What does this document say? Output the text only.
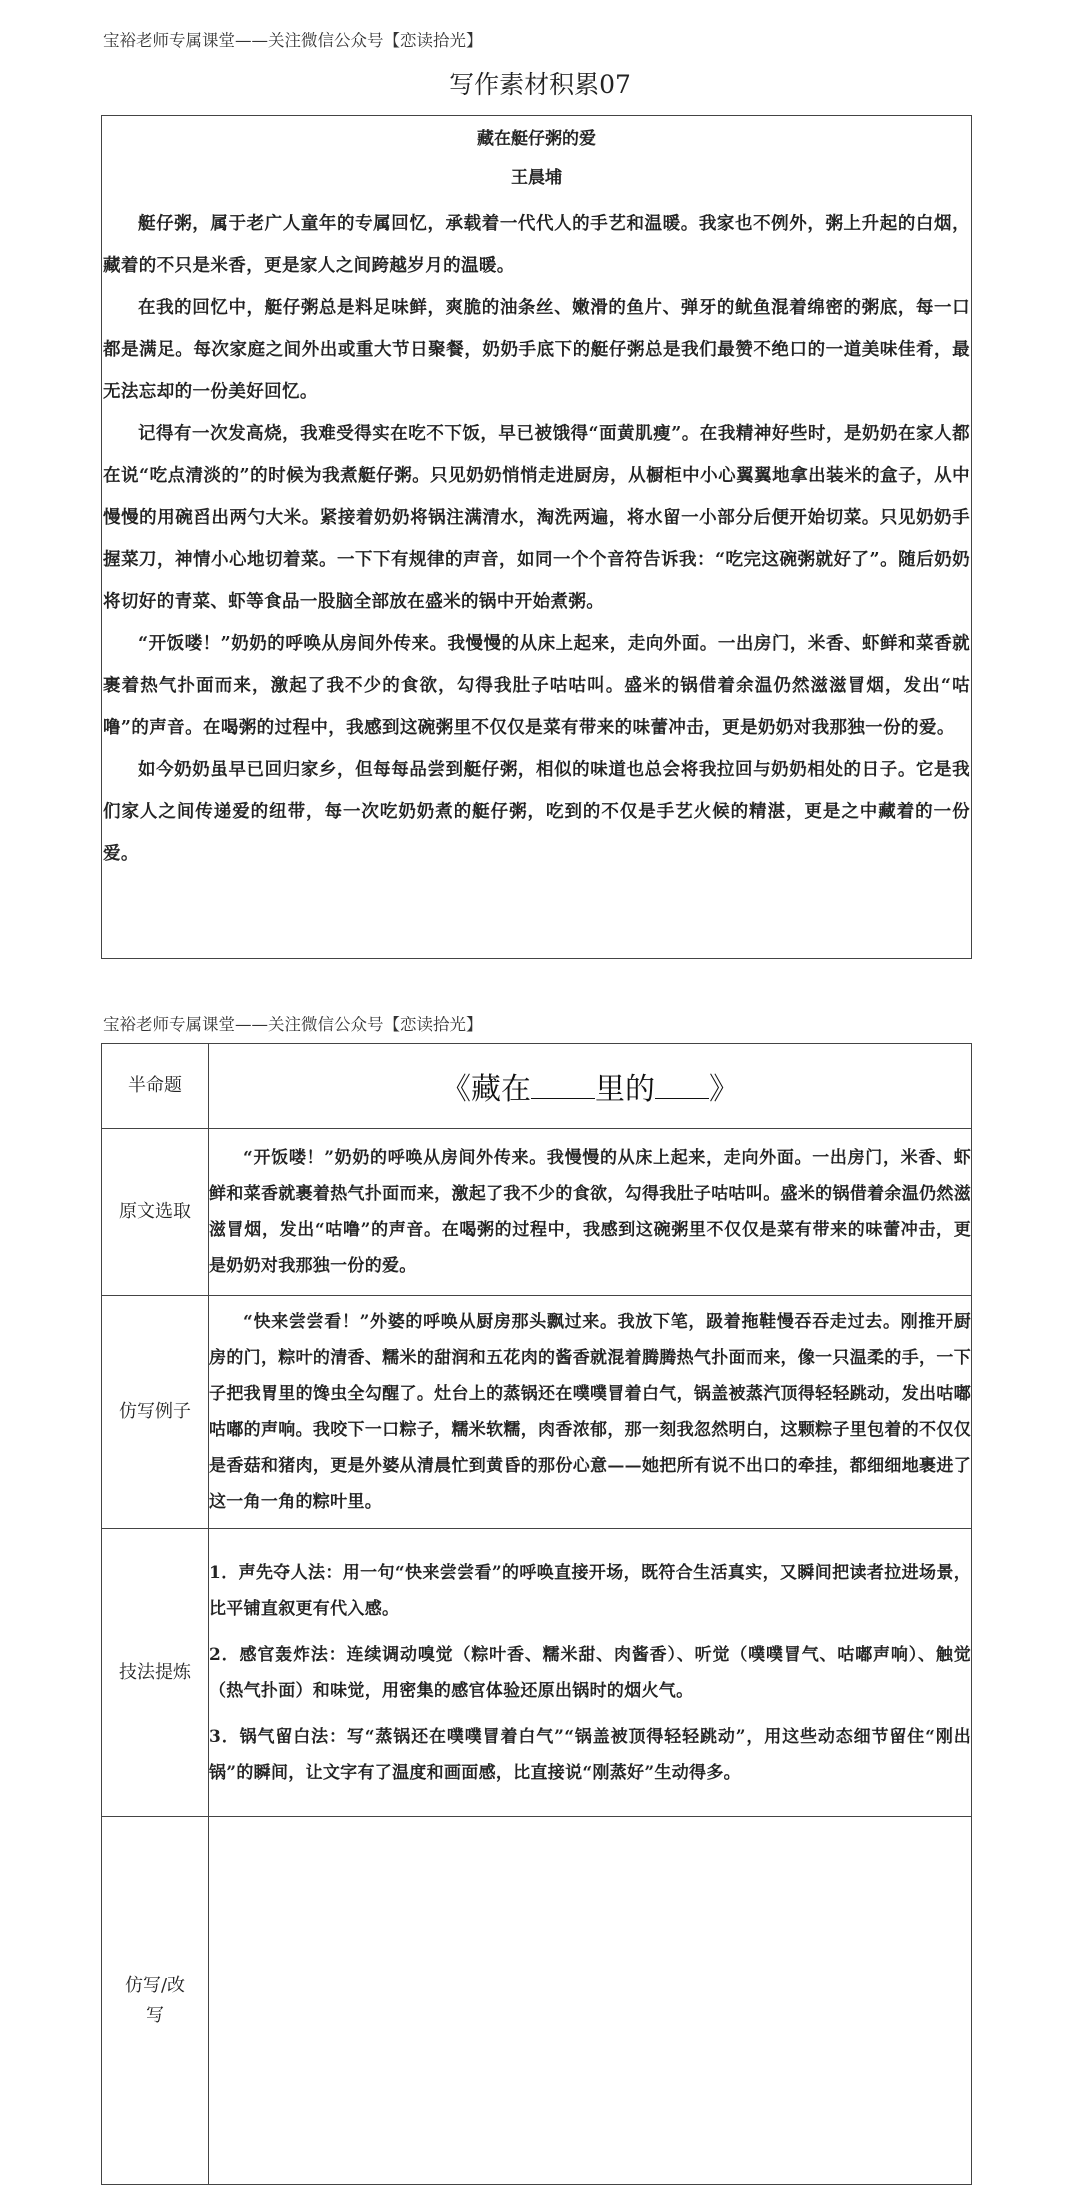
宝裕老师专属课堂——关注微信公众号【恋读拾光】
写作素材积累07
藏在艇仔粥的爱
王晨埔

艇仔粥，属于老广人童年的专属回忆，承载着一代代人的手艺和温暖。我家也不例外，粥上升起的白烟，藏着的不只是米香，更是家人之间跨越岁月的温暖。

在我的回忆中，艇仔粥总是料足味鲜，爽脆的油条丝、嫩滑的鱼片、弹牙的鱿鱼混着绵密的粥底，每一口都是满足。每次家庭之间外出或重大节日聚餐，奶奶手底下的艇仔粥总是我们最赞不绝口的一道美味佳肴，最无法忘却的一份美好回忆。

记得有一次发高烧，我难受得实在吃不下饭，早已被饿得“面黄肌瘦”。在我精神好些时，是奶奶在家人都在说“吃点清淡的”的时候为我煮艇仔粥。只见奶奶悄悄走进厨房，从橱柜中小心翼翼地拿出装米的盒子，从中慢慢的用碗舀出两勺大米。紧接着奶奶将锅注满清水，淘洗两遍，将水留一小部分后便开始切菜。只见奶奶手握菜刀，神情小心地切着菜。一下下有规律的声音，如同一个个音符告诉我：“吃完这碗粥就好了”。随后奶奶将切好的青菜、虾等食品一股脑全部放在盛米的锅中开始煮粥。

“开饭喽！”奶奶的呼唤从房间外传来。我慢慢的从床上起来，走向外面。一出房门，米香、虾鲜和菜香就裹着热气扑面而来，激起了我不少的食欲，勾得我肚子咕咕叫。盛米的锅借着余温仍然滋滋冒烟，发出“咕噜”的声音。在喝粥的过程中，我感到这碗粥里不仅仅是菜有带来的味蕾冲击，更是奶奶对我那独一份的爱。

如今奶奶虽早已回归家乡，但每每品尝到艇仔粥，相似的味道也总会将我拉回与奶奶相处的日子。它是我们家人之间传递爱的纽带，每一次吃奶奶煮的艇仔粥，吃到的不仅是手艺火候的精湛，更是之中藏着的一份爱。

宝裕老师专属课堂——关注微信公众号【恋读拾光】
半命题	《藏在 里的 》

原文选取	“开饭喽！”奶奶的呼唤从房间外传来。我慢慢的从床上起来，走向外面。一出房门，米香、虾鲜和菜香就裹着热气扑面而来，激起了我不少的食欲，勾得我肚子咕咕叫。盛米的锅借着余温仍然滋滋冒烟，发出“咕噜”的声音。在喝粥的过程中，我感到这碗粥里不仅仅是菜有带来的味蕾冲击，更是奶奶对我那独一份的爱。

仿写例子	“快来尝尝看！”外婆的呼唤从厨房那头飘过来。我放下笔，趿着拖鞋慢吞吞走过去。刚推开厨房的门，粽叶的清香、糯米的甜润和五花肉的酱香就混着腾腾热气扑面而来，像一只温柔的手，一下子把我胃里的馋虫全勾醒了。灶台上的蒸锅还在噗噗冒着白气，锅盖被蒸汽顶得轻轻跳动，发出咕嘟咕嘟的声响。我咬下一口粽子，糯米软糯，肉香浓郁，那一刻我忽然明白，这颗粽子里包着的不仅仅是香菇和猪肉，更是外婆从清晨忙到黄昏的那份心意——她把所有说不出口的牵挂，都细细地裹进了这一角一角的粽叶里。

技法提炼	1．声先夺人法：用一句“快来尝尝看”的呼唤直接开场，既符合生活真实，又瞬间把读者拉进场景，比平铺直叙更有代入感。

2．感官轰炸法：连续调动嗅觉（粽叶香、糯米甜、肉酱香）、听觉（噗噗冒气、咕嘟声响）、触觉（热气扑面）和味觉，用密集的感官体验还原出锅时的烟火气。

3．锅气留白法：写“蒸锅还在噗噗冒着白气”“锅盖被顶得轻轻跳动”，用这些动态细节留住“刚出锅”的瞬间，让文字有了温度和画面感，比直接说“刚蒸好”生动得多。

仿写/改写	
